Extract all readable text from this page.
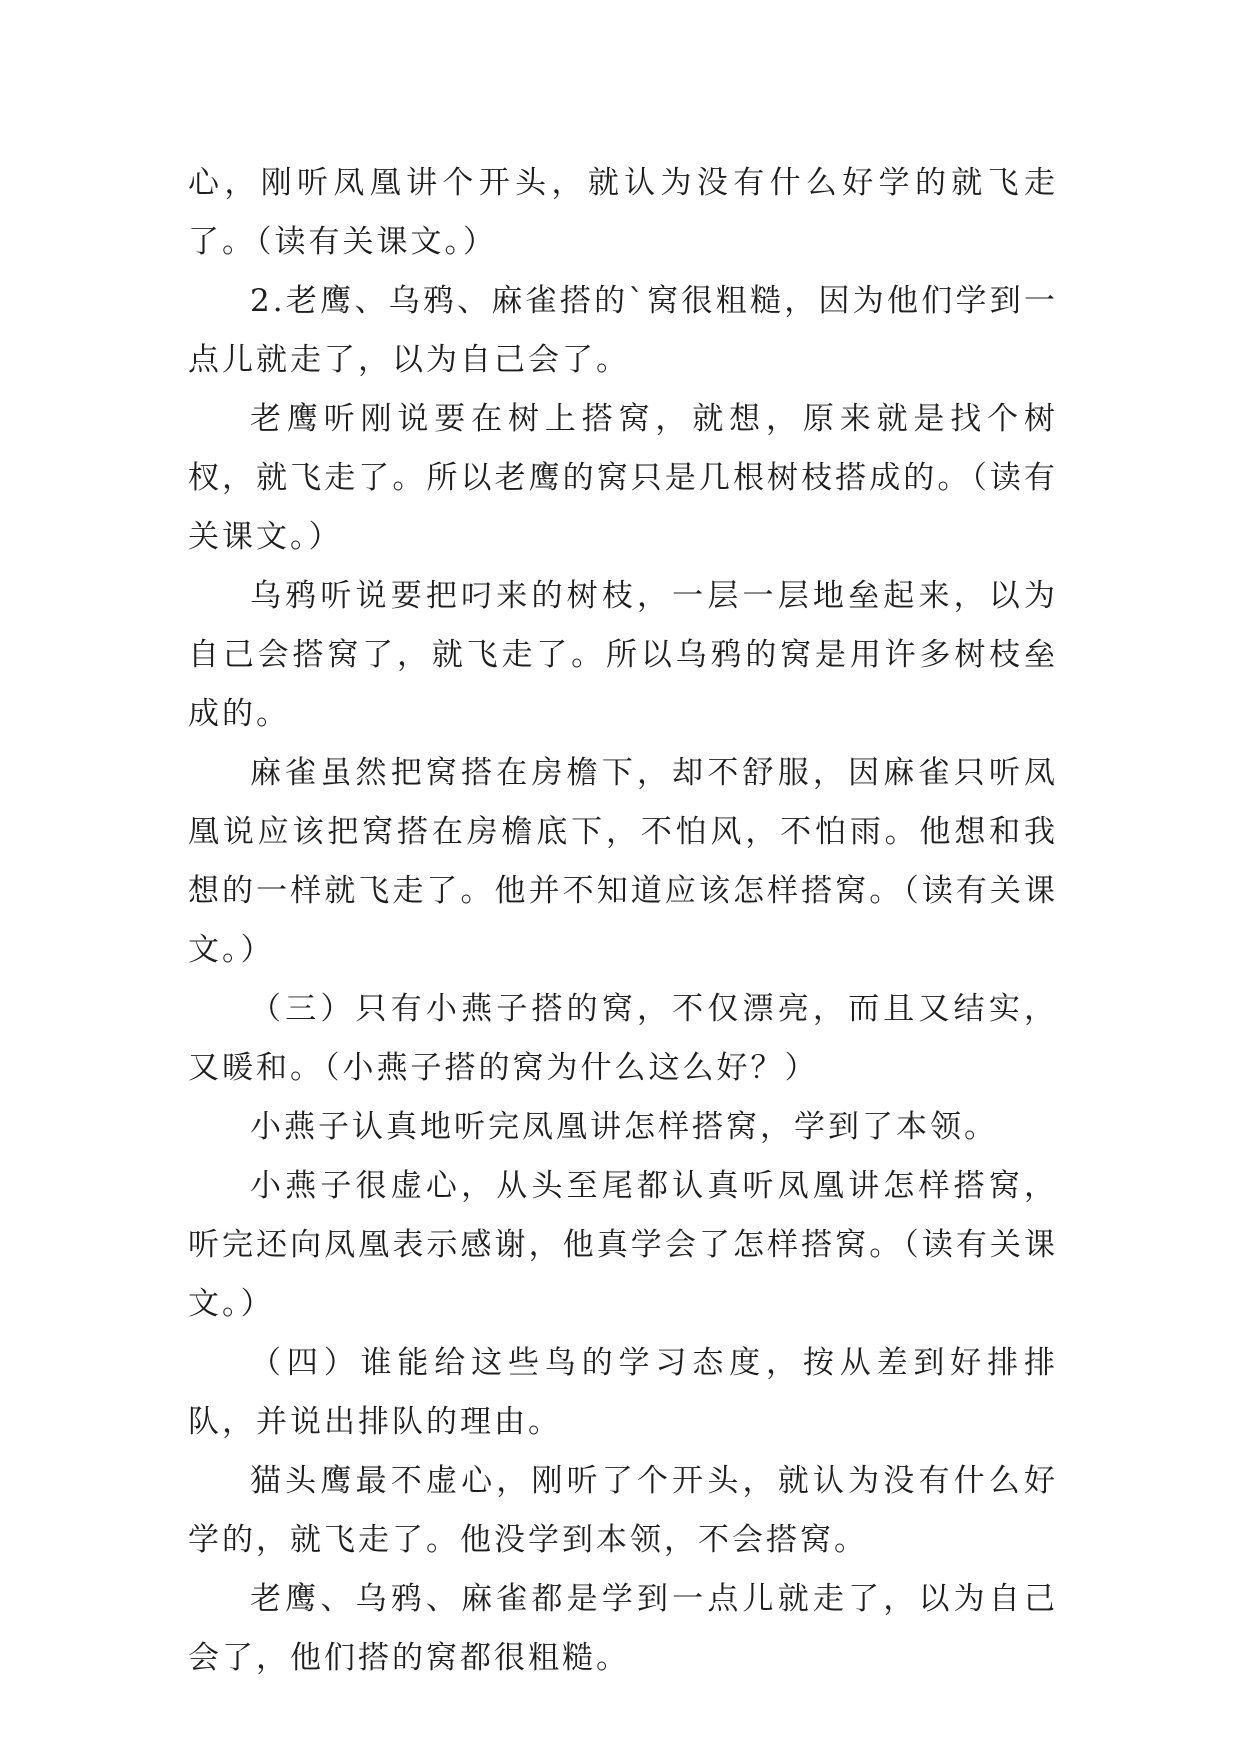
心，刚听凤凰讲个开头，就认为没有什么好学的就飞走了。（读有关课文。）

2.老鹰、乌鸦、麻雀搭的`窝很粗糙，因为他们学到一点儿就走了，以为自己会了。

老鹰听刚说要在树上搭窝，就想，原来就是找个树杈，就飞走了。所以老鹰的窝只是几根树枝搭成的。（读有关课文。）

乌鸦听说要把叼来的树枝，一层一层地垒起来，以为自己会搭窝了，就飞走了。所以乌鸦的窝是用许多树枝垒成的。

麻雀虽然把窝搭在房檐下，却不舒服，因麻雀只听凤凰说应该把窝搭在房檐底下，不怕风，不怕雨。他想和我想的一样就飞走了。他并不知道应该怎样搭窝。（读有关课文。）

（三）只有小燕子搭的窝，不仅漂亮，而且又结实，又暖和。（小燕子搭的窝为什么这么好？）

小燕子认真地听完凤凰讲怎样搭窝，学到了本领。

小燕子很虚心，从头至尾都认真听凤凰讲怎样搭窝，听完还向凤凰表示感谢，他真学会了怎样搭窝。（读有关课文。）

（四）谁能给这些鸟的学习态度，按从差到好排排队，并说出排队的理由。

猫头鹰最不虚心，刚听了个开头，就认为没有什么好学的，就飞走了。他没学到本领，不会搭窝。

老鹰、乌鸦、麻雀都是学到一点儿就走了，以为自己会了，他们搭的窝都很粗糙。
